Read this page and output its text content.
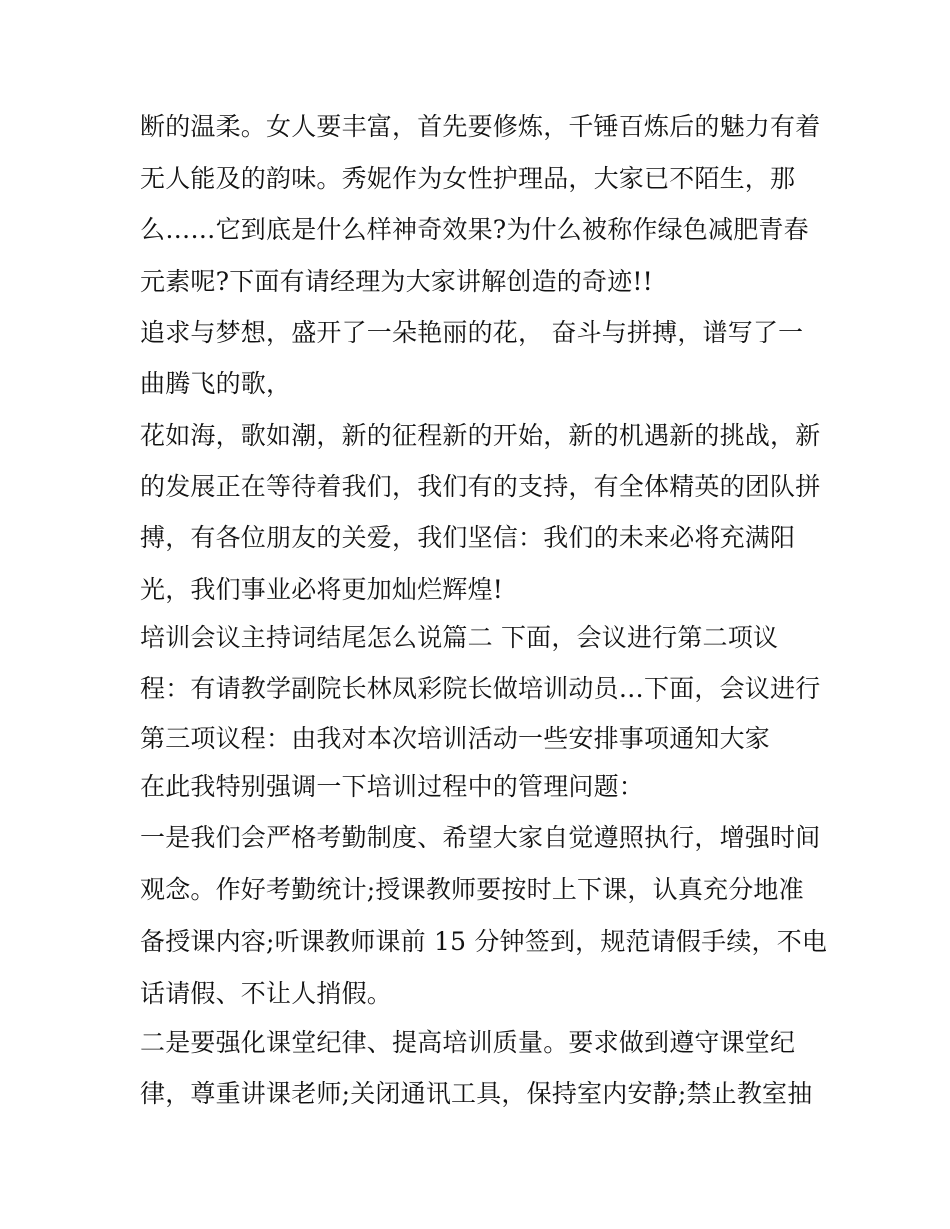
断的温柔。女人要丰富，首先要修炼，千锤百炼后的魅力有着
无人能及的韵味。秀妮作为女性护理品，大家已不陌生，那
么……它到底是什么样神奇效果?为什么被称作绿色减肥青春
元素呢?下面有请经理为大家讲解创造的奇迹!!
追求与梦想，盛开了一朵艳丽的花， 奋斗与拼搏，谱写了一
曲腾飞的歌，
花如海，歌如潮，新的征程新的开始，新的机遇新的挑战，新
的发展正在等待着我们，我们有的支持，有全体精英的团队拼
搏，有各位朋友的关爱，我们坚信：我们的未来必将充满阳
光，我们事业必将更加灿烂辉煌!
培训会议主持词结尾怎么说篇二 下面，会议进行第二项议
程：有请教学副院长林凤彩院长做培训动员…下面，会议进行
第三项议程：由我对本次培训活动一些安排事项通知大家
在此我特别强调一下培训过程中的管理问题：
一是我们会严格考勤制度、希望大家自觉遵照执行，增强时间
观念。作好考勤统计;授课教师要按时上下课，认真充分地准
备授课内容;听课教师课前 15 分钟签到，规范请假手续，不电
话请假、不让人捎假。
二是要强化课堂纪律、提高培训质量。要求做到遵守课堂纪
律，尊重讲课老师;关闭通讯工具，保持室内安静;禁止教室抽
